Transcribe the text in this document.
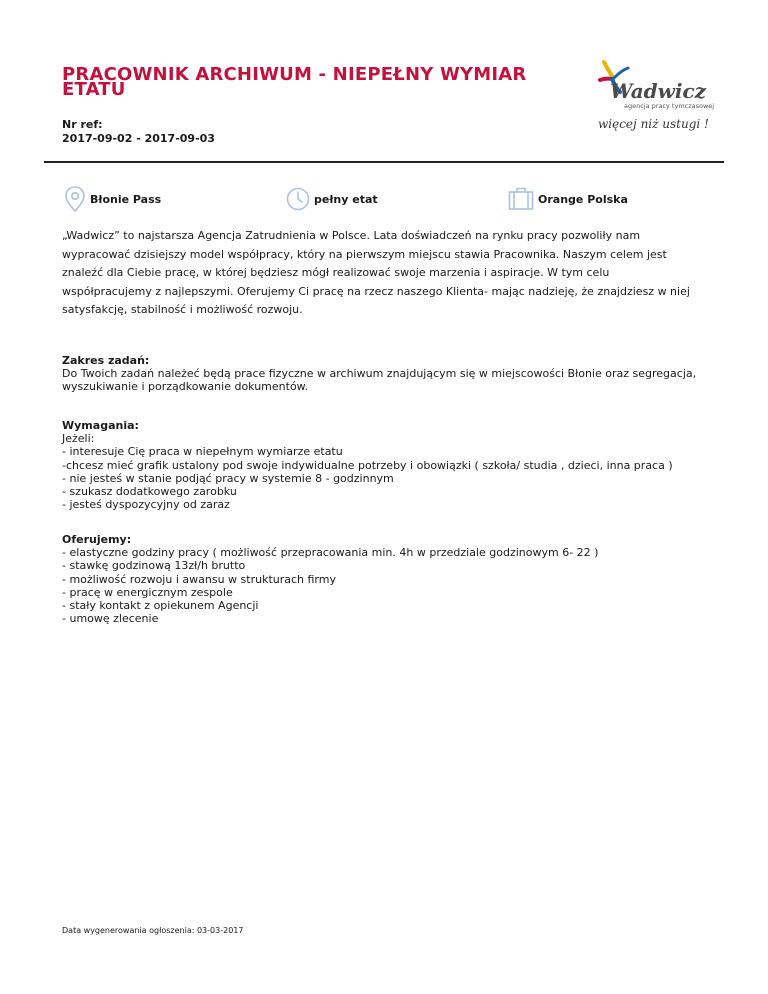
PRACOWNIK ARCHIWUM - NIEPEŁNY WYMIAR
ETATU
Nr ref:
2017-09-02 - 2017-09-03
Wadwicz
agencja pracy tymczasowej
więcej niż ustugi !
Błonie Pass	pełny etat	Orange Polska
„Wadwicz” to najstarsza Agencja Zatrudnienia w Polsce. Lata doświadczeń na rynku pracy pozwoliły nam wypracować dzisiejszy model współpracy, który na pierwszym miejscu stawia Pracownika. Naszym celem jest znaleźć dla Ciebie pracę, w której będziesz mógł realizować swoje marzenia i aspiracje. W tym celu współpracujemy z najlepszymi. Oferujemy Ci pracę na rzecz naszego Klienta- mając nadzieję, że znajdziesz w niej satysfakcję, stabilność i możliwość rozwoju.
Zakres zadań:

Do Twoich zadań należeć będą prace fizyczne w archiwum znajdującym się w miejscowości Błonie oraz segregacja,

wyszukiwanie i porządkowanie dokumentów.

Wymagania:

Jeżeli:

- interesuje Cię praca w niepełnym wymiarze etatu

-chcesz mieć grafik ustalony pod swoje indywidualne potrzeby i obowiązki ( szkoła/ studia , dzieci, inna praca )

- nie jesteś w stanie podjąć pracy w systemie 8 - godzinnym

- szukasz dodatkowego zarobku

- jesteś dyspozycyjny od zaraz

Oferujemy:

- elastyczne godziny pracy ( możliwość przepracowania min. 4h w przedziale godzinowym 6- 22 )

- stawkę godzinową 13zł/h brutto

- możliwość rozwoju i awansu w strukturach firmy

- pracę w energicznym zespole

- stały kontakt z opiekunem Agencji

- umowę zlecenie

Data wygenerowania ogłoszenia: 03-03-2017
